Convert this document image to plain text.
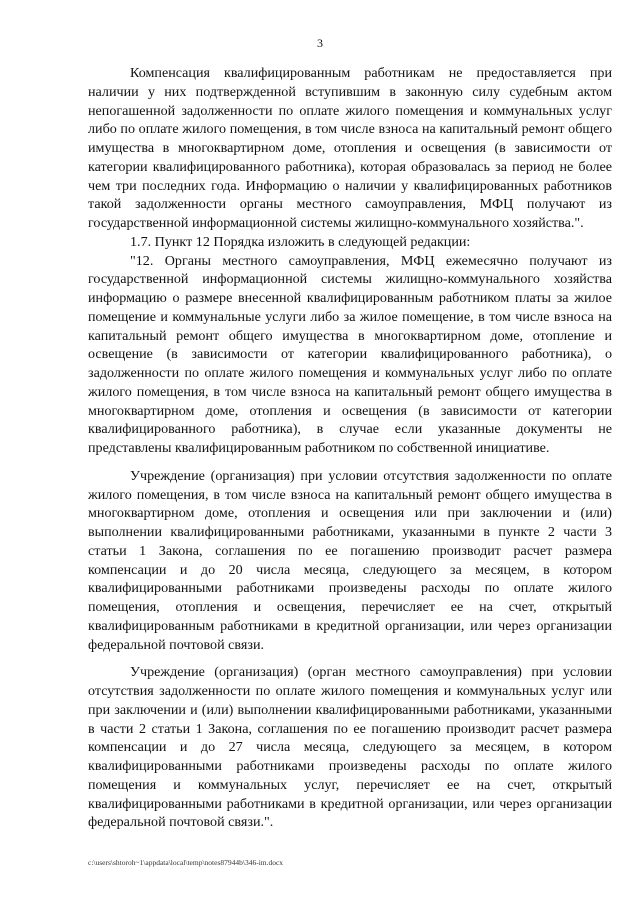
3

Компенсация квалифицированным работникам не предоставляется при наличии у них подтвержденной вступившим в законную силу судебным актом непогашенной задолженности по оплате жилого помещения и коммунальных услуг либо по оплате жилого помещения, в том числе взноса на капитальный ремонт общего имущества в многоквартирном доме, отопления и освещения (в зависимости от категории квалифицированного работника), которая образовалась за период не более чем три последних года. Информацию о наличии у квалифицированных работников такой задолженности органы местного самоуправления, МФЦ получают из государственной информационной системы жилищно-коммунального хозяйства.".

1.7. Пункт 12 Порядка изложить в следующей редакции:

"12. Органы местного самоуправления, МФЦ ежемесячно получают из государственной информационной системы жилищно-коммунального хозяйства информацию о размере внесенной квалифицированным работником платы за жилое помещение и коммунальные услуги либо за жилое помещение, в том числе взноса на капитальный ремонт общего имущества в многоквартирном доме, отопление и освещение (в зависимости от категории квалифицированного работника), о задолженности по оплате жилого помещения и коммунальных услуг либо по оплате жилого помещения, в том числе взноса на капитальный ремонт общего имущества в многоквартирном доме, отопления и освещения (в зависимости от категории квалифицированного работника), в случае если указанные документы не представлены квалифицированным работником по собственной инициативе.

Учреждение (организация) при условии отсутствия задолженности по оплате жилого помещения, в том числе взноса на капитальный ремонт общего имущества в многоквартирном доме, отопления и освещения или при заключении и (или) выполнении квалифицированными работниками, указанными в пункте 2 части 3 статьи 1 Закона, соглашения по ее погашению производит расчет размера компенсации и до 20 числа месяца, следующего за месяцем, в котором квалифицированными работниками произведены расходы по оплате жилого помещения, отопления и освещения, перечисляет ее на счет, открытый квалифицированным работниками в кредитной организации, или через организации федеральной почтовой связи.

Учреждение (организация) (орган местного самоуправления) при условии отсутствия задолженности по оплате жилого помещения и коммунальных услуг или при заключении и (или) выполнении квалифицированными работниками, указанными в части 2 статьи 1 Закона, соглашения по ее погашению производит расчет размера компенсации и до 27 числа месяца, следующего за месяцем, в котором квалифицированными работниками произведены расходы по оплате жилого помещения и коммунальных услуг, перечисляет ее на счет, открытый квалифицированными работниками в кредитной организации, или через организации федеральной почтовой связи.".

c:\users\shtoroh~1\appdata\local\temp\notes87944b\346-im.docx
